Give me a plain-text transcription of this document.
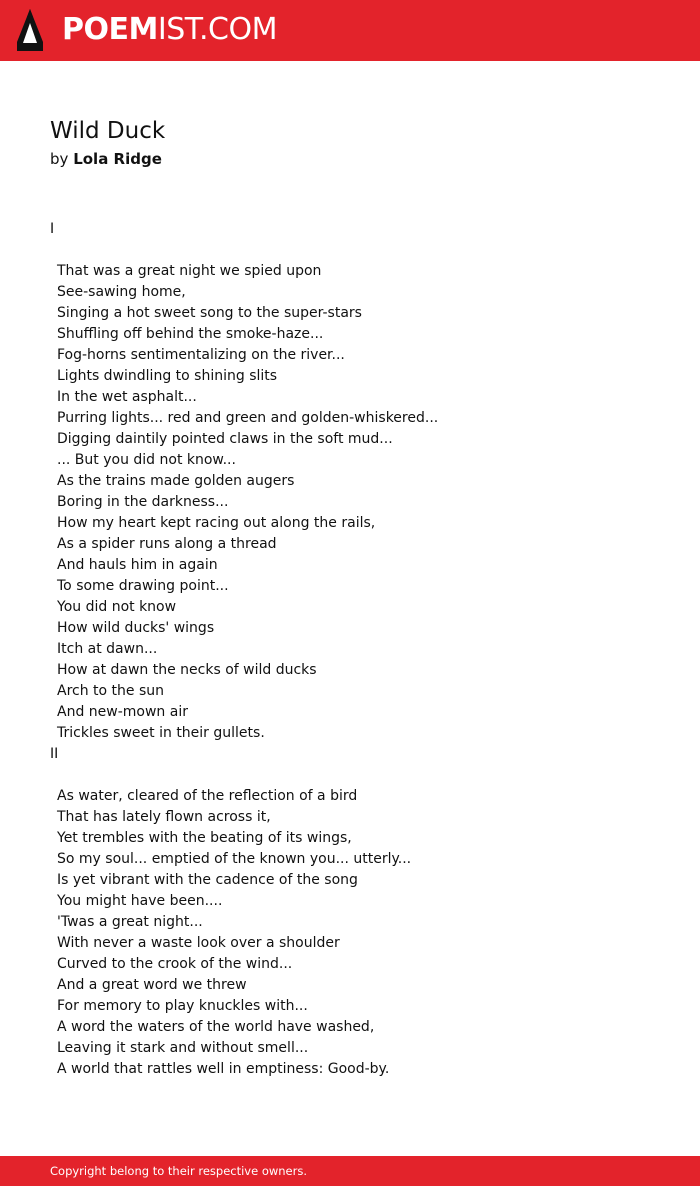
POEMIST.COM
Wild Duck
by Lola Ridge
I
That was a great night we spied upon
See-sawing home,
Singing a hot sweet song to the super-stars
Shuffling off behind the smoke-haze...
Fog-horns sentimentalizing on the river...
Lights dwindling to shining slits
In the wet asphalt...
Purring lights... red and green and golden-whiskered...
Digging daintily pointed claws in the soft mud...
... But you did not know...
As the trains made golden augers
Boring in the darkness...
How my heart kept racing out along the rails,
As a spider runs along a thread
And hauls him in again
To some drawing point...
You did not know
How wild ducks' wings
Itch at dawn...
How at dawn the necks of wild ducks
Arch to the sun
And new-mown air
Trickles sweet in their gullets.
II
As water, cleared of the reflection of a bird
That has lately flown across it,
Yet trembles with the beating of its wings,
So my soul... emptied of the known you... utterly...
Is yet vibrant with the cadence of the song
You might have been....
'Twas a great night...
With never a waste look over a shoulder
Curved to the crook of the wind...
And a great word we threw
For memory to play knuckles with...
A word the waters of the world have washed,
Leaving it stark and without smell...
A world that rattles well in emptiness: Good-by.
Copyright belong to their respective owners.
